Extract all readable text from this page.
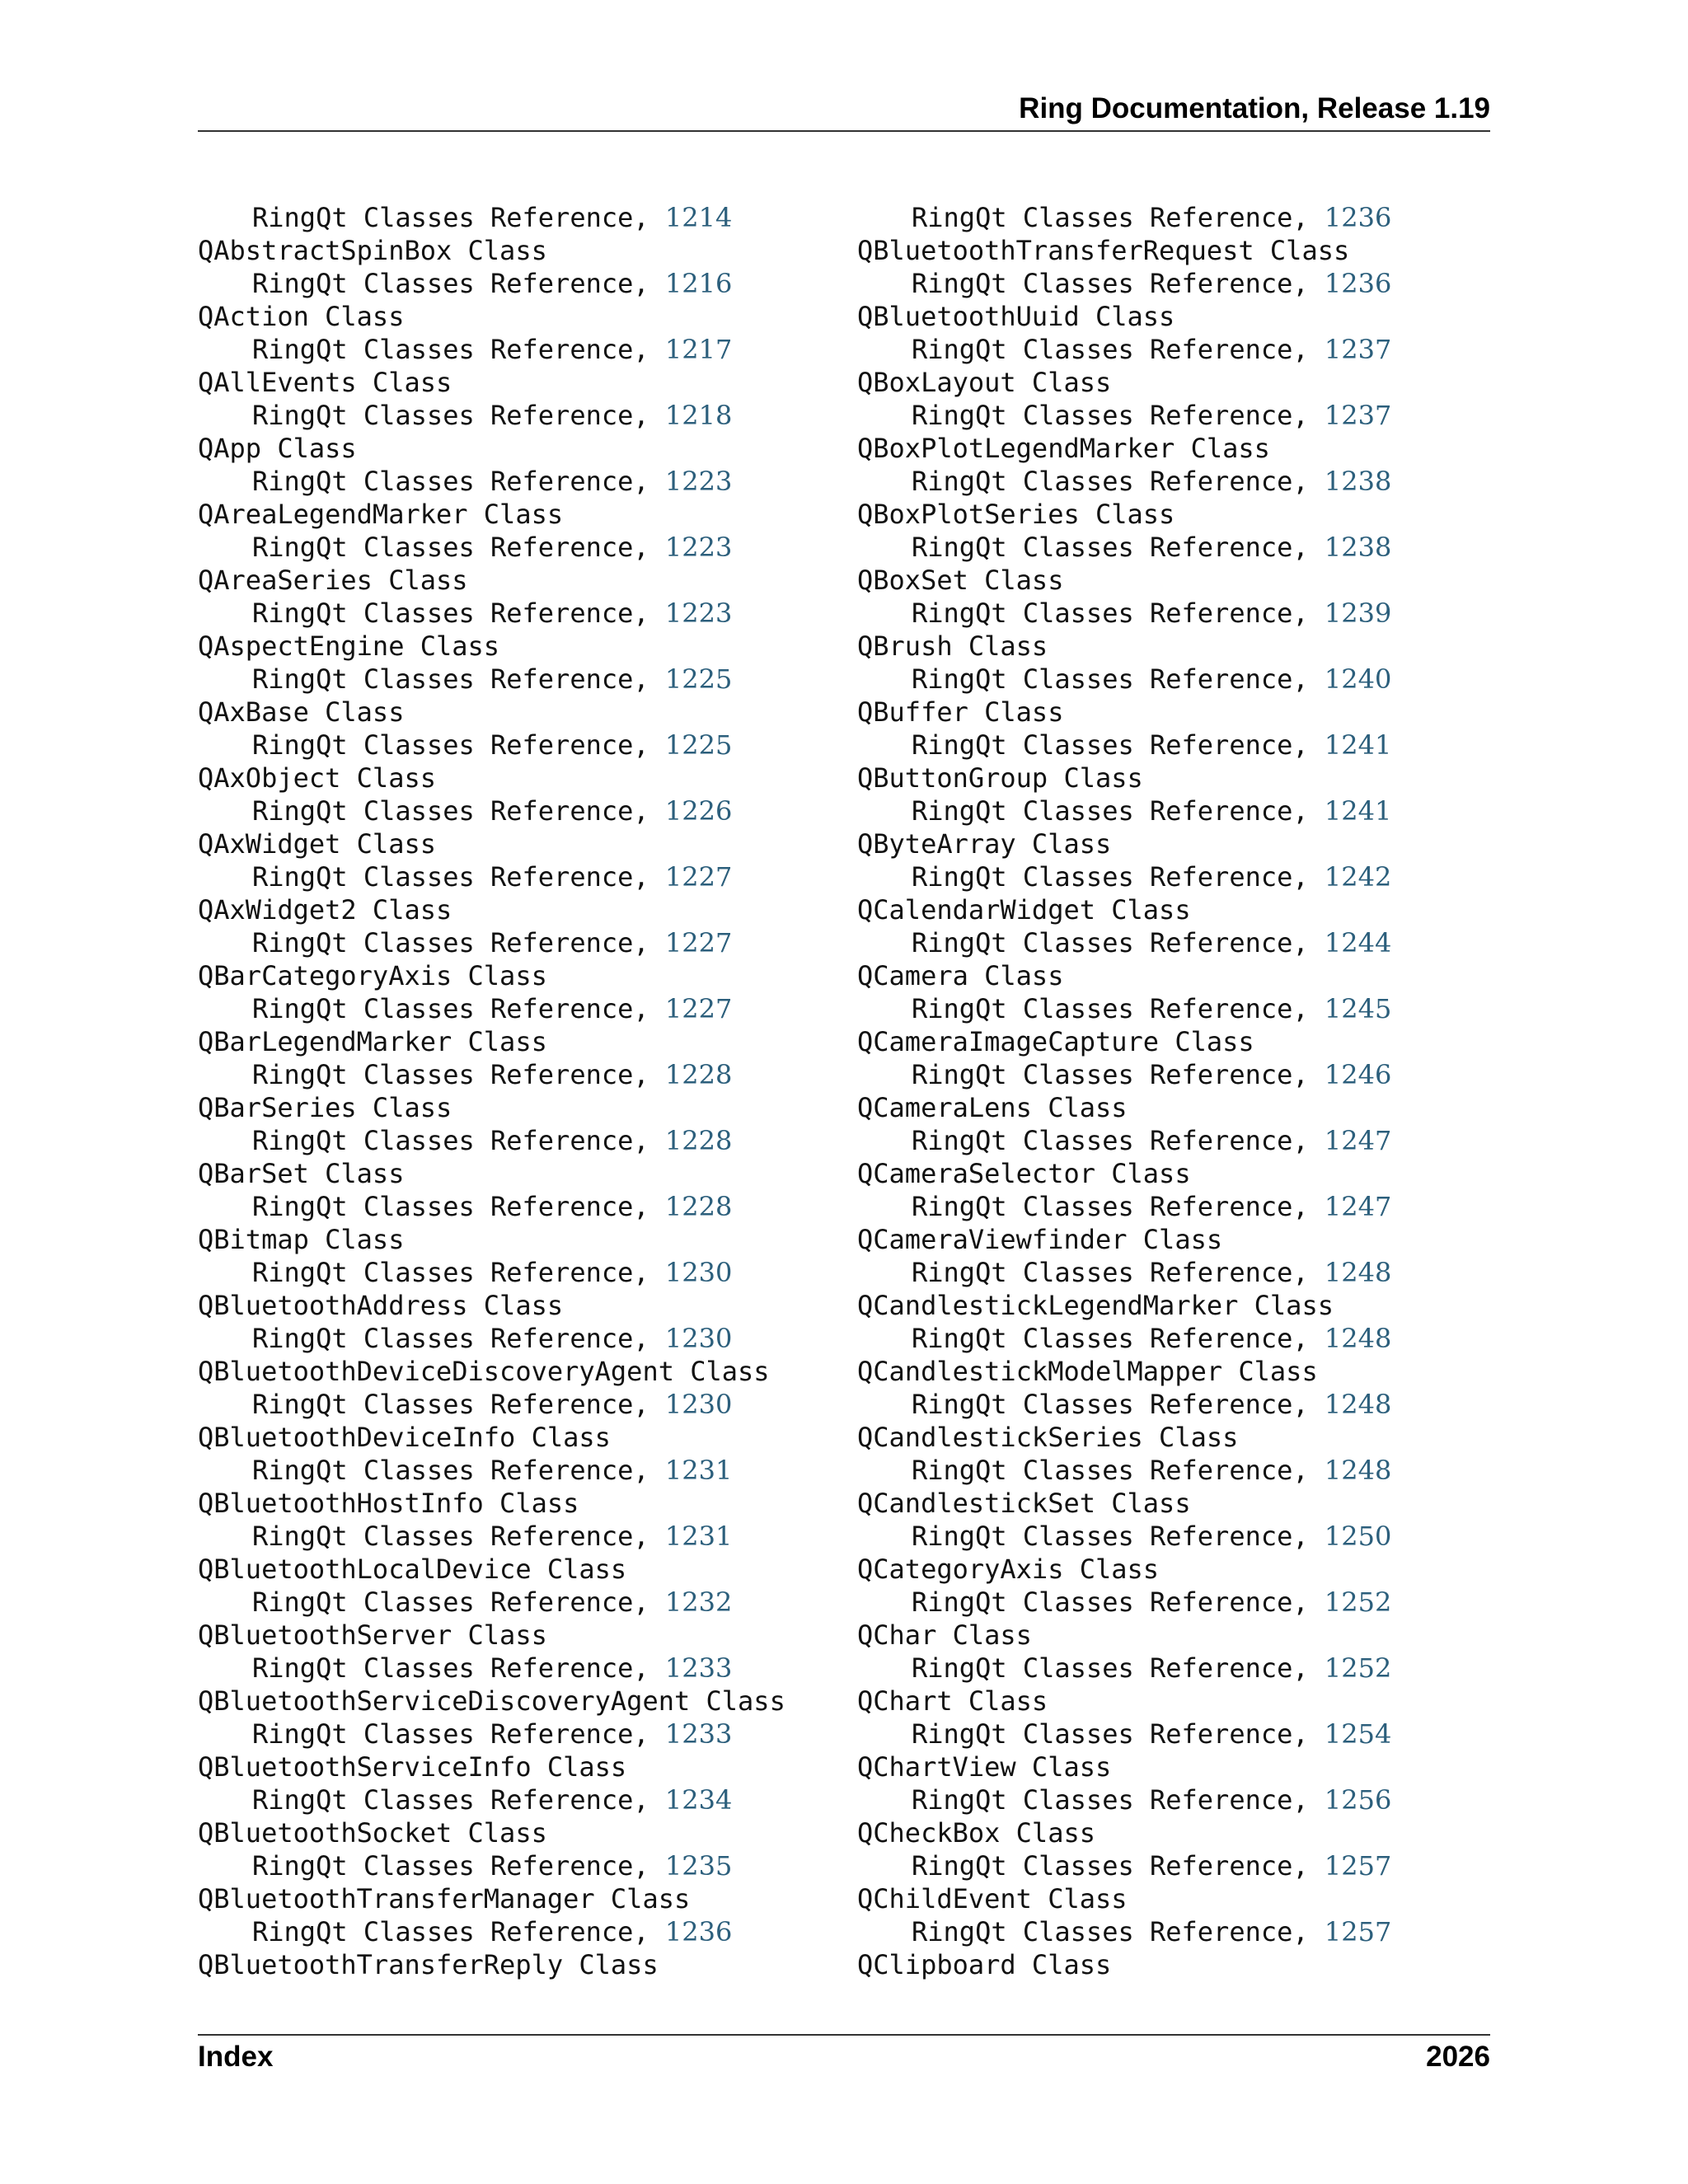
Ring Documentation, Release 1.19
RingQt Classes Reference, 1214
QAbstractSpinBox Class
RingQt Classes Reference, 1216
QAction Class
RingQt Classes Reference, 1217
QAllEvents Class
RingQt Classes Reference, 1218
QApp Class
RingQt Classes Reference, 1223
QAreaLegendMarker Class
RingQt Classes Reference, 1223
QAreaSeries Class
RingQt Classes Reference, 1223
QAspectEngine Class
RingQt Classes Reference, 1225
QAxBase Class
RingQt Classes Reference, 1225
QAxObject Class
RingQt Classes Reference, 1226
QAxWidget Class
RingQt Classes Reference, 1227
QAxWidget2 Class
RingQt Classes Reference, 1227
QBarCategoryAxis Class
RingQt Classes Reference, 1227
QBarLegendMarker Class
RingQt Classes Reference, 1228
QBarSeries Class
RingQt Classes Reference, 1228
QBarSet Class
RingQt Classes Reference, 1228
QBitmap Class
RingQt Classes Reference, 1230
QBluetoothAddress Class
RingQt Classes Reference, 1230
QBluetoothDeviceDiscoveryAgent Class
RingQt Classes Reference, 1230
QBluetoothDeviceInfo Class
RingQt Classes Reference, 1231
QBluetoothHostInfo Class
RingQt Classes Reference, 1231
QBluetoothLocalDevice Class
RingQt Classes Reference, 1232
QBluetoothServer Class
RingQt Classes Reference, 1233
QBluetoothServiceDiscoveryAgent Class
RingQt Classes Reference, 1233
QBluetoothServiceInfo Class
RingQt Classes Reference, 1234
QBluetoothSocket Class
RingQt Classes Reference, 1235
QBluetoothTransferManager Class
RingQt Classes Reference, 1236
QBluetoothTransferReply Class
RingQt Classes Reference, 1236
QBluetoothTransferRequest Class
RingQt Classes Reference, 1236
QBluetoothUuid Class
RingQt Classes Reference, 1237
QBoxLayout Class
RingQt Classes Reference, 1237
QBoxPlotLegendMarker Class
RingQt Classes Reference, 1238
QBoxPlotSeries Class
RingQt Classes Reference, 1238
QBoxSet Class
RingQt Classes Reference, 1239
QBrush Class
RingQt Classes Reference, 1240
QBuffer Class
RingQt Classes Reference, 1241
QButtonGroup Class
RingQt Classes Reference, 1241
QByteArray Class
RingQt Classes Reference, 1242
QCalendarWidget Class
RingQt Classes Reference, 1244
QCamera Class
RingQt Classes Reference, 1245
QCameraImageCapture Class
RingQt Classes Reference, 1246
QCameraLens Class
RingQt Classes Reference, 1247
QCameraSelector Class
RingQt Classes Reference, 1247
QCameraViewfinder Class
RingQt Classes Reference, 1248
QCandlestickLegendMarker Class
RingQt Classes Reference, 1248
QCandlestickModelMapper Class
RingQt Classes Reference, 1248
QCandlestickSeries Class
RingQt Classes Reference, 1248
QCandlestickSet Class
RingQt Classes Reference, 1250
QCategoryAxis Class
RingQt Classes Reference, 1252
QChar Class
RingQt Classes Reference, 1252
QChart Class
RingQt Classes Reference, 1254
QChartView Class
RingQt Classes Reference, 1256
QCheckBox Class
RingQt Classes Reference, 1257
QChildEvent Class
RingQt Classes Reference, 1257
QClipboard Class
Index	2026
